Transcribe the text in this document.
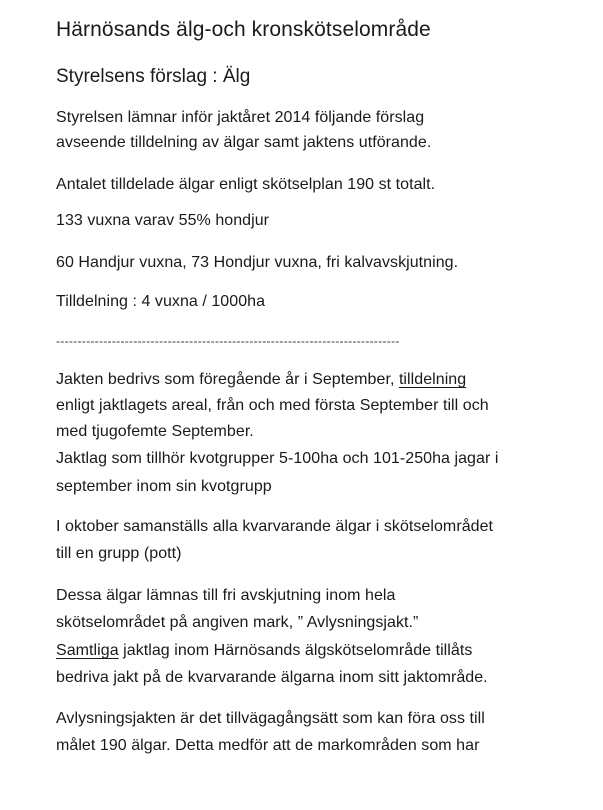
Härnösands älg-och kronskötselområde
Styrelsens förslag : Älg
Styrelsen lämnar inför jaktåret 2014 följande förslag
avseende tilldelning av älgar samt jaktens utförande.
Antalet tilldelade älgar enligt skötselplan 190 st totalt.
133 vuxna varav 55% hondjur
60 Handjur vuxna, 73 Hondjur vuxna, fri kalvavskjutning.
Tilldelning : 4 vuxna / 1000ha
--------------------------------------------------------------------------------
Jakten bedrivs som föregående år i September, tilldelning
enligt jaktlagets areal, från och med första September till och
med tjugofemte September.
Jaktlag som tillhör kvotgrupper 5-100ha och 101-250ha jagar i
september inom sin kvotgrupp
I oktober samanställs alla kvarvarande älgar i skötselområdet
till en grupp (pott)
Dessa älgar lämnas till fri avskjutning inom hela
skötselområdet på angiven mark, ” Avlysningsjakt.”
Samtliga jaktlag inom Härnösands älgskötselområde tillåts
bedriva jakt på de kvarvarande älgarna inom sitt jaktområde.
Avlysningsjakten är det tillvägagångsätt som kan föra oss till
målet 190 älgar. Detta medför att de markområden som har
